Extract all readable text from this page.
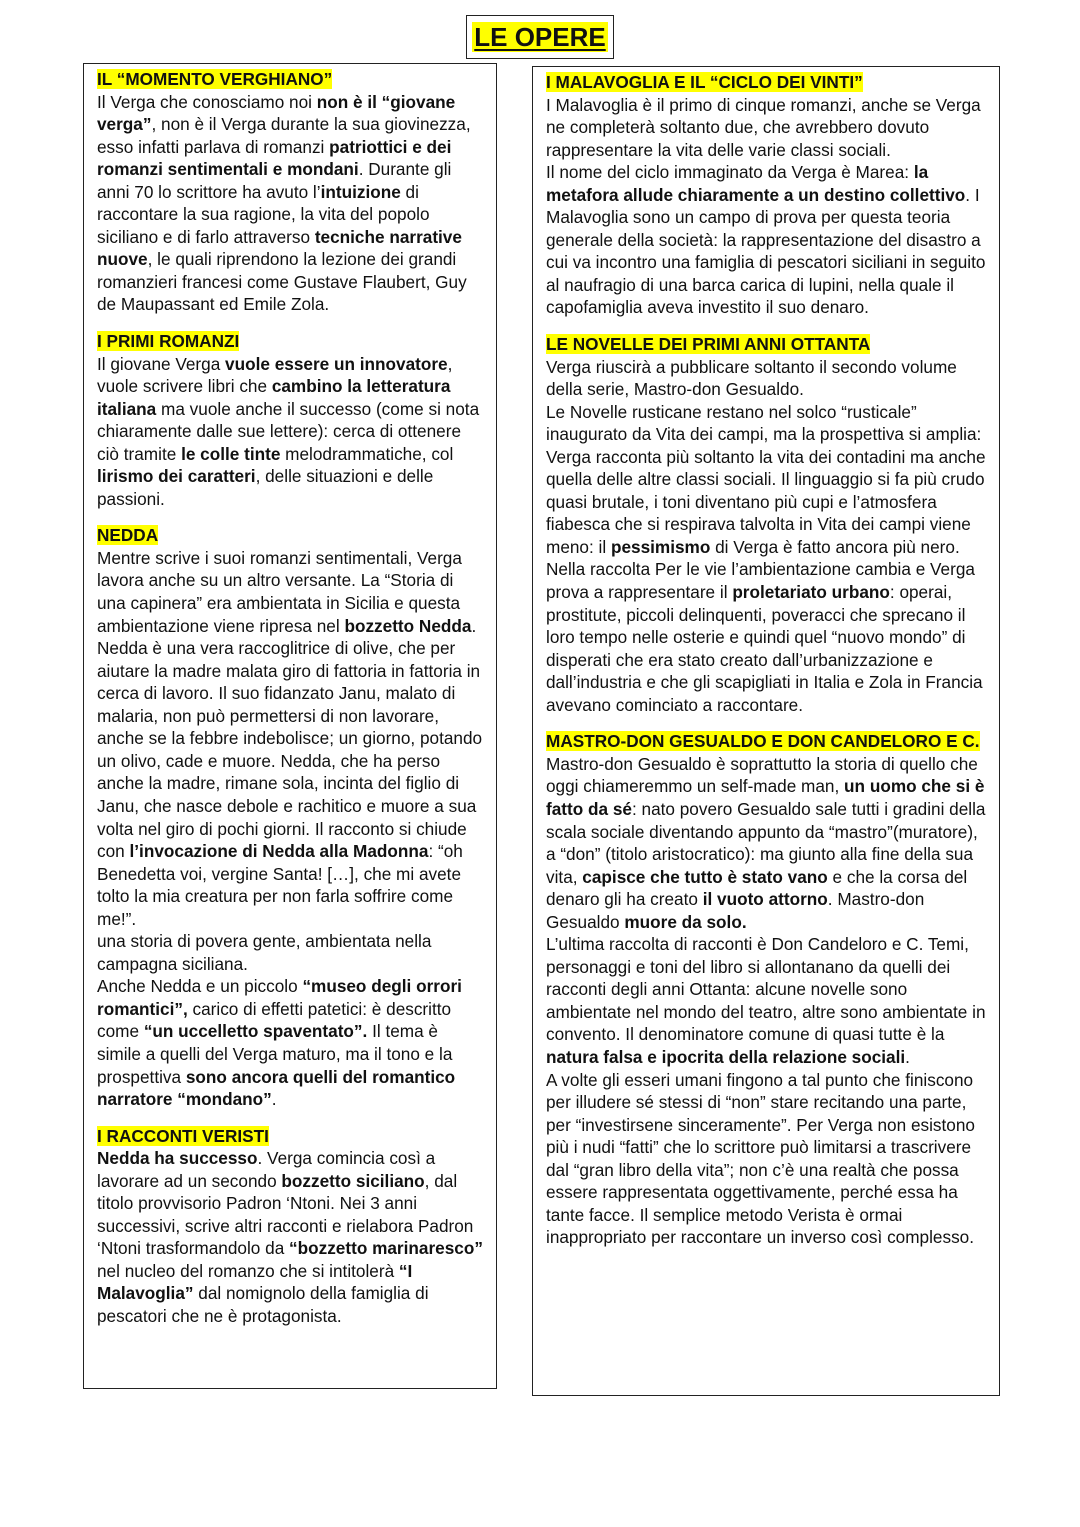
LE OPERE
IL “MOMENTO VERGHIANO”

Il Verga che conosciamo noi non è il “giovane verga”, non è il Verga durante la sua giovinezza, esso infatti parlava di romanzi patriottici e dei romanzi sentimentali e mondani. Durante gli anni 70 lo scrittore ha avuto l’intuizione di raccontare la sua ragione, la vita del popolo siciliano e di farlo attraverso tecniche narrative nuove, le quali riprendono la lezione dei grandi romanzieri francesi come Gustave Flaubert, Guy de Maupassant ed Emile Zola.

I PRIMI ROMANZI

Il giovane Verga vuole essere un innovatore, vuole scrivere libri che cambino la letteratura italiana ma vuole anche il successo (come si nota chiaramente dalle sue lettere): cerca di ottenere ciò tramite le colle tinte melodrammatiche, col lirismo dei caratteri, delle situazioni e delle passioni.

NEDDA

Mentre scrive i suoi romanzi sentimentali, Verga lavora anche su un altro versante. La “Storia di una capinera” era ambientata in Sicilia e questa ambientazione viene ripresa nel bozzetto Nedda.

Nedda è una vera raccoglitrice di olive, che per aiutare la madre malata giro di fattoria in fattoria in cerca di lavoro. Il suo fidanzato Janu, malato di malaria, non può permettersi di non lavorare, anche se la febbre indebolisce; un giorno, potando un olivo, cade e muore. Nedda, che ha perso anche la madre, rimane sola, incinta del figlio di Janu, che nasce debole e rachitico e muore a sua volta nel giro di pochi giorni. Il racconto si chiude con l’invocazione di Nedda alla Madonna: “oh Benedetta voi, vergine Santa! […], che mi avete tolto la mia creatura per non farla soffrire come me!”.

una storia di povera gente, ambientata nella campagna siciliana.

Anche Nedda e un piccolo “museo degli orrori romantici”, carico di effetti patetici: è descritto come “un uccelletto spaventato”. Il tema è simile a quelli del Verga maturo, ma il tono e la prospettiva sono ancora quelli del romantico narratore “mondano”.

I RACCONTI VERISTI

Nedda ha successo. Verga comincia così a lavorare ad un secondo bozzetto siciliano, dal titolo provvisorio Padron ‘Ntoni. Nei 3 anni successivi, scrive altri racconti e rielabora Padron ‘Ntoni trasformandolo da “bozzetto marinaresco” nel nucleo del romanzo che si intitolerà “I Malavoglia” dal nomignolo della famiglia di pescatori che ne è protagonista.

I MALAVOGLIA E IL “CICLO DEI VINTI”

I Malavoglia è il primo di cinque romanzi, anche se Verga ne completerà soltanto due, che avrebbero dovuto rappresentare la vita delle varie classi sociali.

Il nome del ciclo immaginato da Verga è Marea: la metafora allude chiaramente a un destino collettivo. I Malavoglia sono un campo di prova per questa teoria generale della società: la rappresentazione del disastro a cui va incontro una famiglia di pescatori siciliani in seguito al naufragio di una barca carica di lupini, nella quale il capofamiglia aveva investito il suo denaro.

LE NOVELLE DEI PRIMI ANNI OTTANTA

Verga riuscirà a pubblicare soltanto il secondo volume della serie, Mastro-don Gesualdo.

Le Novelle rusticane restano nel solco “rusticale” inaugurato da Vita dei campi, ma la prospettiva si amplia: Verga racconta più soltanto la vita dei contadini ma anche quella delle altre classi sociali. Il linguaggio si fa più crudo quasi brutale, i toni diventano più cupi e l’atmosfera fiabesca che si respirava talvolta in Vita dei campi viene meno: il pessimismo di Verga è fatto ancora più nero.

Nella raccolta Per le vie l’ambientazione cambia e Verga prova a rappresentare il proletariato urbano: operai, prostitute, piccoli delinquenti, poveracci che sprecano il loro tempo nelle osterie e quindi quel “nuovo mondo” di disperati che era stato creato dall’urbanizzazione e dall’industria e che gli scapigliati in Italia e Zola in Francia avevano cominciato a raccontare.

MASTRO-DON GESUALDO E DON CANDELORO E C.

Mastro-don Gesualdo è soprattutto la storia di quello che oggi chiameremmo un self-made man, un uomo che si è fatto da sé: nato povero Gesualdo sale tutti i gradini della scala sociale diventando appunto da “mastro”(muratore), a “don” (titolo aristocratico): ma giunto alla fine della sua vita, capisce che tutto è stato vano e che la corsa del denaro gli ha creato il vuoto attorno. Mastro-don Gesualdo muore da solo.

L’ultima raccolta di racconti è Don Candeloro e C. Temi, personaggi e toni del libro si allontanano da quelli dei racconti degli anni Ottanta: alcune novelle sono ambientate nel mondo del teatro, altre sono ambientate in convento. Il denominatore comune di quasi tutte è la natura falsa e ipocrita della relazione sociali.

A volte gli esseri umani fingono a tal punto che finiscono per illudere sé stessi di “non” stare recitando una parte, per “investirsene sinceramente”. Per Verga non esistono più i nudi “fatti” che lo scrittore può limitarsi a trascrivere dal “gran libro della vita”; non c’è una realtà che possa essere rappresentata oggettivamente, perché essa ha tante facce. Il semplice metodo Verista è ormai inappropriato per raccontare un inverso così complesso.
